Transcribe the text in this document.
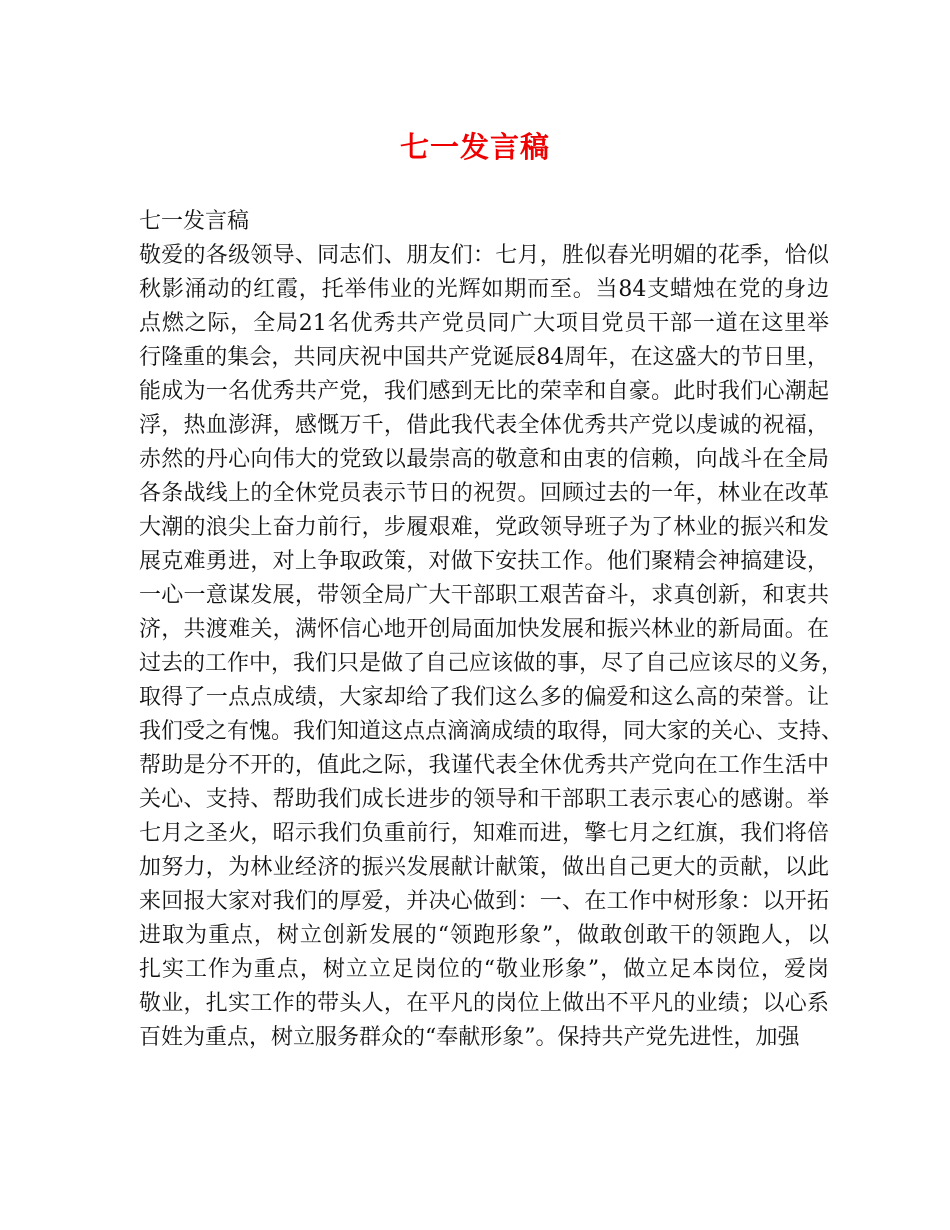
七一发言稿
七一发言稿
敬爱的各级领导、同志们、朋友们：七月，胜似春光明媚的花季，恰似
秋影涌动的红霞，托举伟业的光辉如期而至。当84支蜡烛在党的身边
点燃之际，全局21名优秀共产党员同广大项目党员干部一道在这里举
行隆重的集会，共同庆祝中国共产党诞辰84周年，在这盛大的节日里，
能成为一名优秀共产党，我们感到无比的荣幸和自豪。此时我们心潮起
浮，热血澎湃，感慨万千，借此我代表全体优秀共产党以虔诚的祝福，
赤然的丹心向伟大的党致以最崇高的敬意和由衷的信赖，向战斗在全局
各条战线上的全休党员表示节日的祝贺。回顾过去的一年，林业在改革
大潮的浪尖上奋力前行，步履艰难，党政领导班子为了林业的振兴和发
展克难勇进，对上争取政策，对做下安扶工作。他们聚精会神搞建设，
一心一意谋发展，带领全局广大干部职工艰苦奋斗，求真创新，和衷共
济，共渡难关，满怀信心地开创局面加快发展和振兴林业的新局面。在
过去的工作中，我们只是做了自己应该做的事，尽了自己应该尽的义务，
取得了一点点成绩，大家却给了我们这么多的偏爱和这么高的荣誉。让
我们受之有愧。我们知道这点点滴滴成绩的取得，同大家的关心、支持、
帮助是分不开的，值此之际，我谨代表全休优秀共产党向在工作生活中
关心、支持、帮助我们成长进步的领导和干部职工表示衷心的感谢。举
七月之圣火，昭示我们负重前行，知难而进，擎七月之红旗，我们将倍
加努力，为林业经济的振兴发展献计献策，做出自己更大的贡献，以此
来回报大家对我们的厚爱，并决心做到：一、在工作中树形象：以开拓
进取为重点，树立创新发展的“领跑形象”，做敢创敢干的领跑人，以
扎实工作为重点，树立立足岗位的“敬业形象”，做立足本岗位，爱岗
敬业，扎实工作的带头人，在平凡的岗位上做出不平凡的业绩；以心系
百姓为重点，树立服务群众的“奉献形象”。保持共产党先进性，加强
